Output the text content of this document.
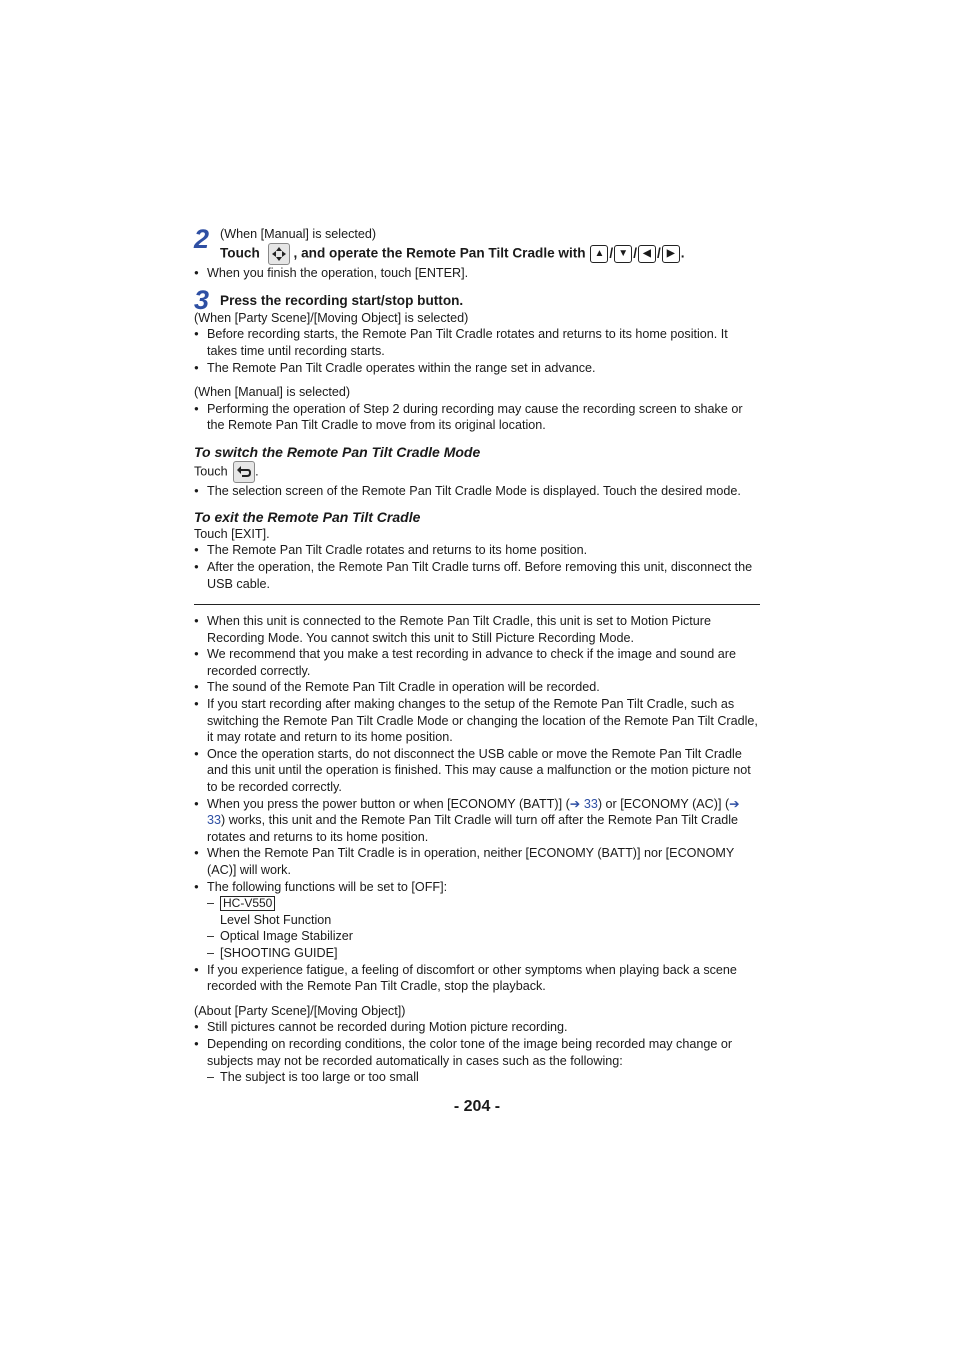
2 (When [Manual] is selected)
Touch , and operate the Remote Pan Tilt Cradle with ▲ / ▼ / ◀ / ▶ .
● When you finish the operation, touch [ENTER].
3 Press the recording start/stop button.
(When [Party Scene]/[Moving Object] is selected)
● Before recording starts, the Remote Pan Tilt Cradle rotates and returns to its home position. It takes time until recording starts.
● The Remote Pan Tilt Cradle operates within the range set in advance.
(When [Manual] is selected)
● Performing the operation of Step 2 during recording may cause the recording screen to shake or the Remote Pan Tilt Cradle to move from its original location.
To switch the Remote Pan Tilt Cradle Mode
Touch .
● The selection screen of the Remote Pan Tilt Cradle Mode is displayed. Touch the desired mode.
To exit the Remote Pan Tilt Cradle
Touch [EXIT].
● The Remote Pan Tilt Cradle rotates and returns to its home position.
● After the operation, the Remote Pan Tilt Cradle turns off. Before removing this unit, disconnect the USB cable.
● When this unit is connected to the Remote Pan Tilt Cradle, this unit is set to Motion Picture Recording Mode. You cannot switch this unit to Still Picture Recording Mode.
● We recommend that you make a test recording in advance to check if the image and sound are recorded correctly.
● The sound of the Remote Pan Tilt Cradle in operation will be recorded.
● If you start recording after making changes to the setup of the Remote Pan Tilt Cradle, such as switching the Remote Pan Tilt Cradle Mode or changing the location of the Remote Pan Tilt Cradle, it may rotate and return to its home position.
● Once the operation starts, do not disconnect the USB cable or move the Remote Pan Tilt Cradle and this unit until the operation is finished. This may cause a malfunction or the motion picture not to be recorded correctly.
● When you press the power button or when [ECONOMY (BATT)] (➔ 33) or [ECONOMY (AC)] (➔ 33) works, this unit and the Remote Pan Tilt Cradle will turn off after the Remote Pan Tilt Cradle rotates and returns to its home position.
● When the Remote Pan Tilt Cradle is in operation, neither [ECONOMY (BATT)] nor [ECONOMY (AC)] will work.
● The following functions will be set to [OFF]:
– HC-V550
Level Shot Function
– Optical Image Stabilizer
– [SHOOTING GUIDE]
● If you experience fatigue, a feeling of discomfort or other symptoms when playing back a scene recorded with the Remote Pan Tilt Cradle, stop the playback.
(About [Party Scene]/[Moving Object])
● Still pictures cannot be recorded during Motion picture recording.
● Depending on recording conditions, the color tone of the image being recorded may change or subjects may not be recorded automatically in cases such as the following:
– The subject is too large or too small
- 204 -
